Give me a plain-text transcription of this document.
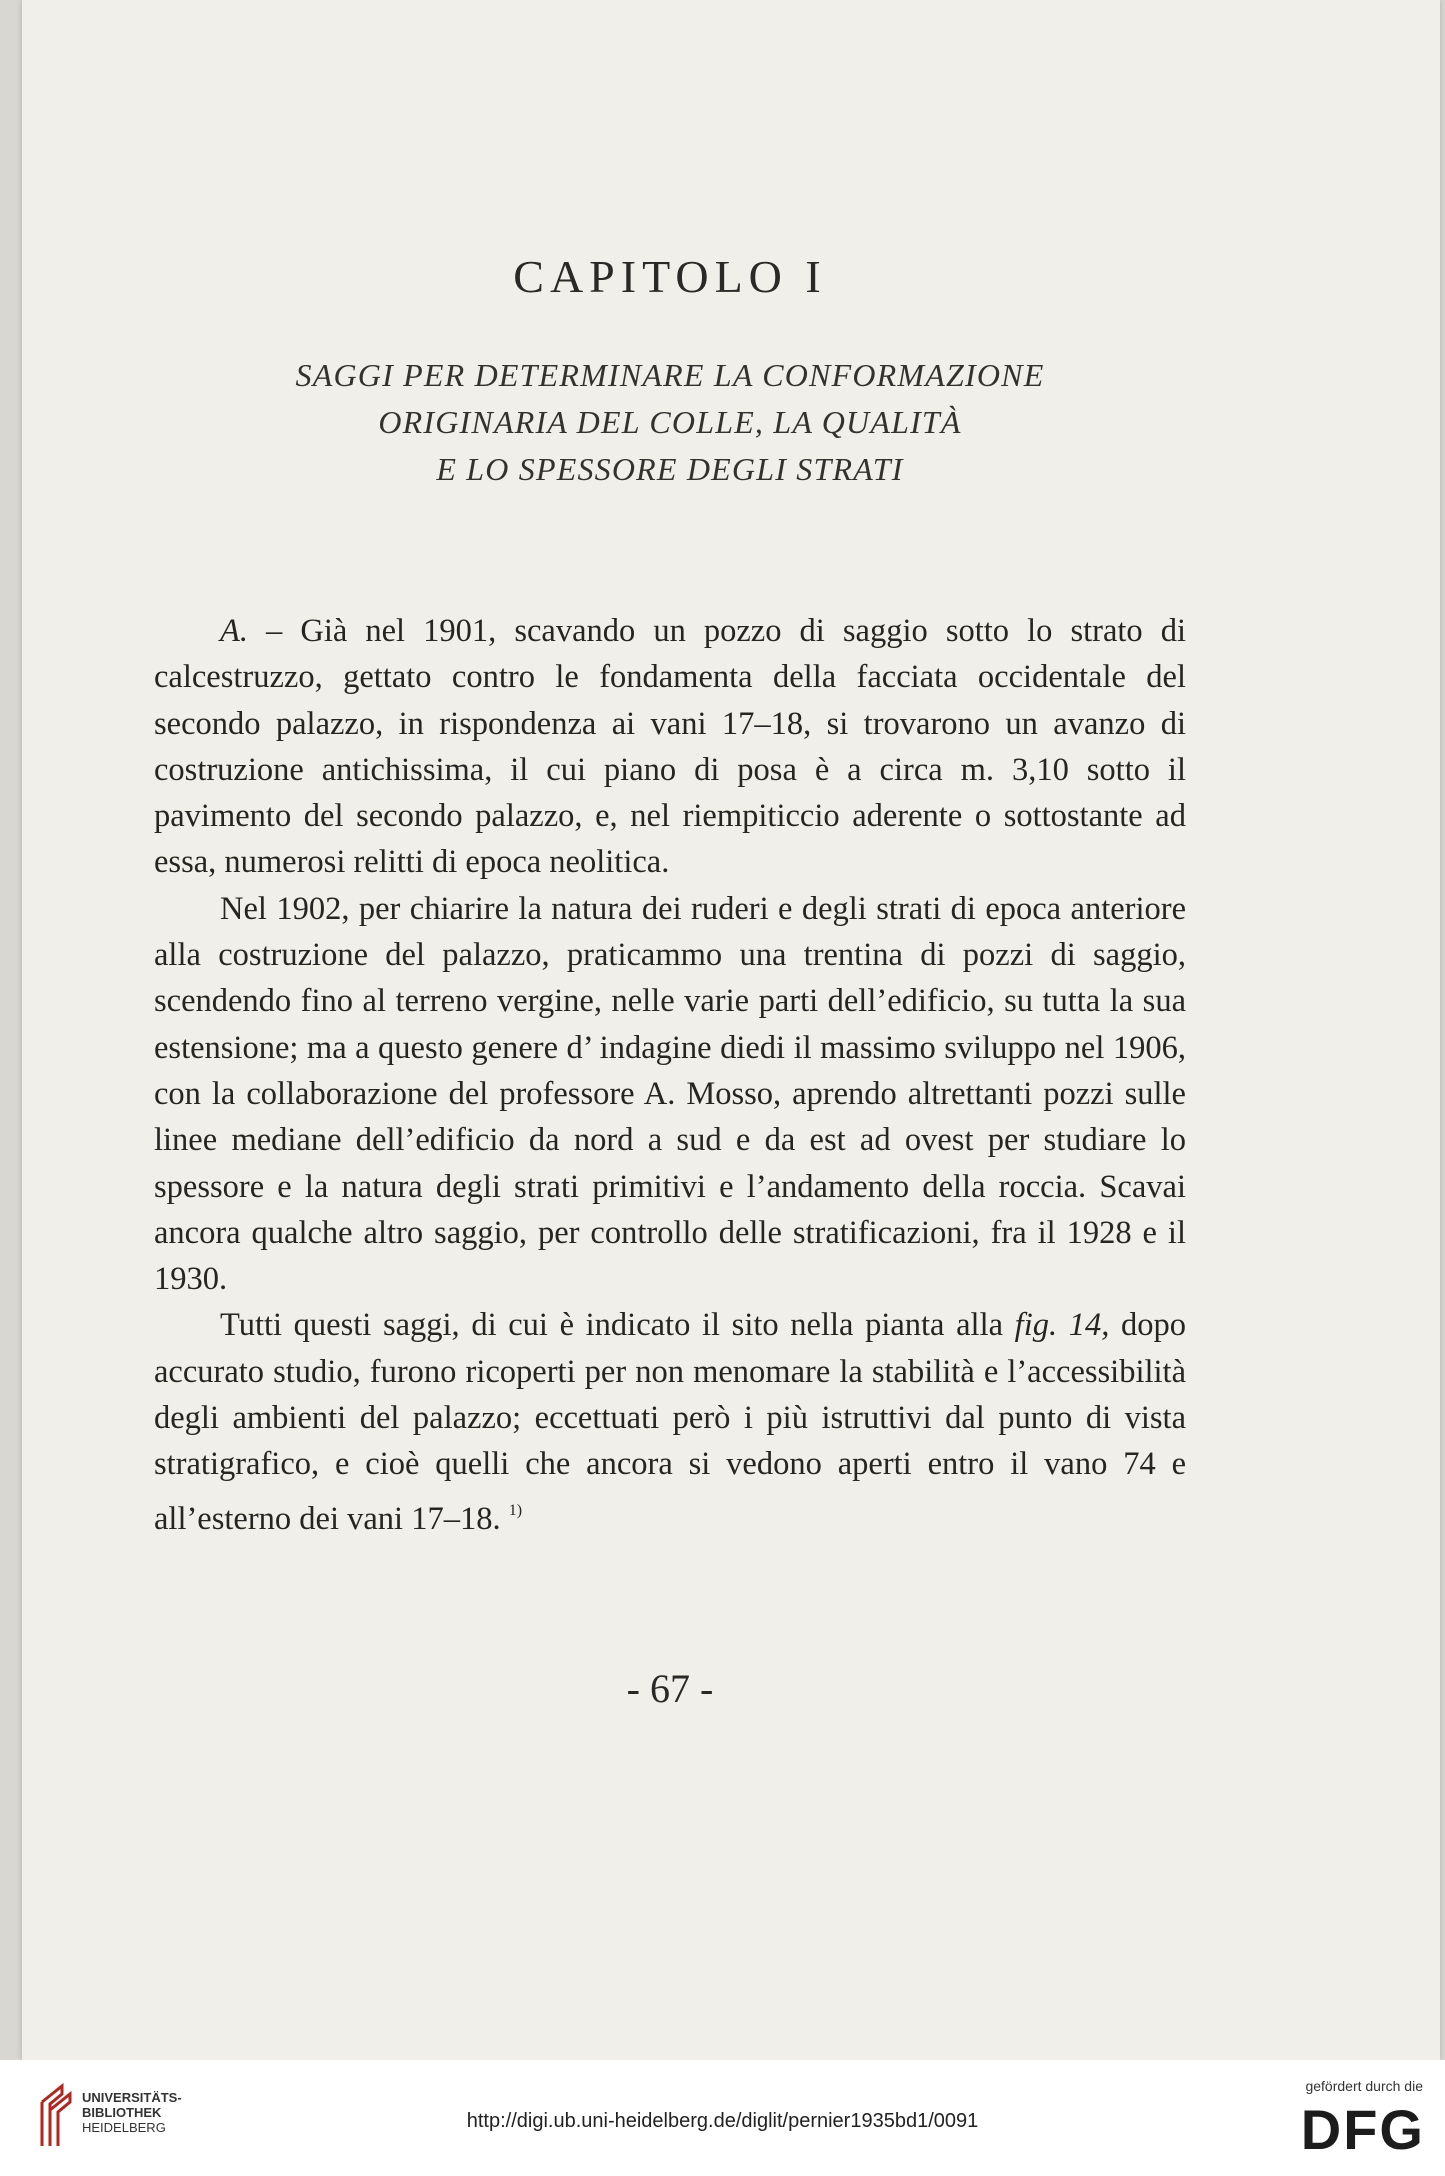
CAPITOLO I
SAGGI PER DETERMINARE LA CONFORMAZIONE
ORIGINARIA DEL COLLE, LA QUALITÀ
E LO SPESSORE DEGLI STRATI

A. – Già nel 1901, scavando un pozzo di saggio sotto lo strato di calcestruzzo, gettato contro le fondamenta della facciata occidentale del secondo palazzo, in rispondenza ai vani 17–18, si trovarono un avanzo di costruzione antichissima, il cui piano di posa è a circa m. 3,10 sotto il pavimento del secondo palazzo, e, nel riempiticcio aderente o sottostante ad essa, numerosi relitti di epoca neolitica.

Nel 1902, per chiarire la natura dei ruderi e degli strati di epoca anteriore alla costruzione del palazzo, praticammo una trentina di pozzi di saggio, scendendo fino al terreno vergine, nelle varie parti dell’edificio, su tutta la sua estensione; ma a questo genere d’ indagine diedi il massimo sviluppo nel 1906, con la collaborazione del professore A. Mosso, aprendo altrettanti pozzi sulle linee mediane dell’edificio da nord a sud e da est ad ovest per studiare lo spessore e la natura degli strati primitivi e l’andamento della roccia. Scavai ancora qualche altro saggio, per controllo delle stratificazioni, fra il 1928 e il 1930.

Tutti questi saggi, di cui è indicato il sito nella pianta alla fig. 14, dopo accurato studio, furono ricoperti per non menomare la stabilità e l’accessibilità degli ambienti del palazzo; eccettuati però i più istruttivi dal punto di vista stratigrafico, e cioè quelli che ancora si vedono aperti entro il vano 74 e all’esterno dei vani 17–18. $^{1)}$

- 67 -
UNIVERSITÄTS-
BIBLIOTHEK
HEIDELBERG	http://digi.ub.uni-heidelberg.de/diglit/pernier1935bd1/0091
gefördert durch die
DFG
